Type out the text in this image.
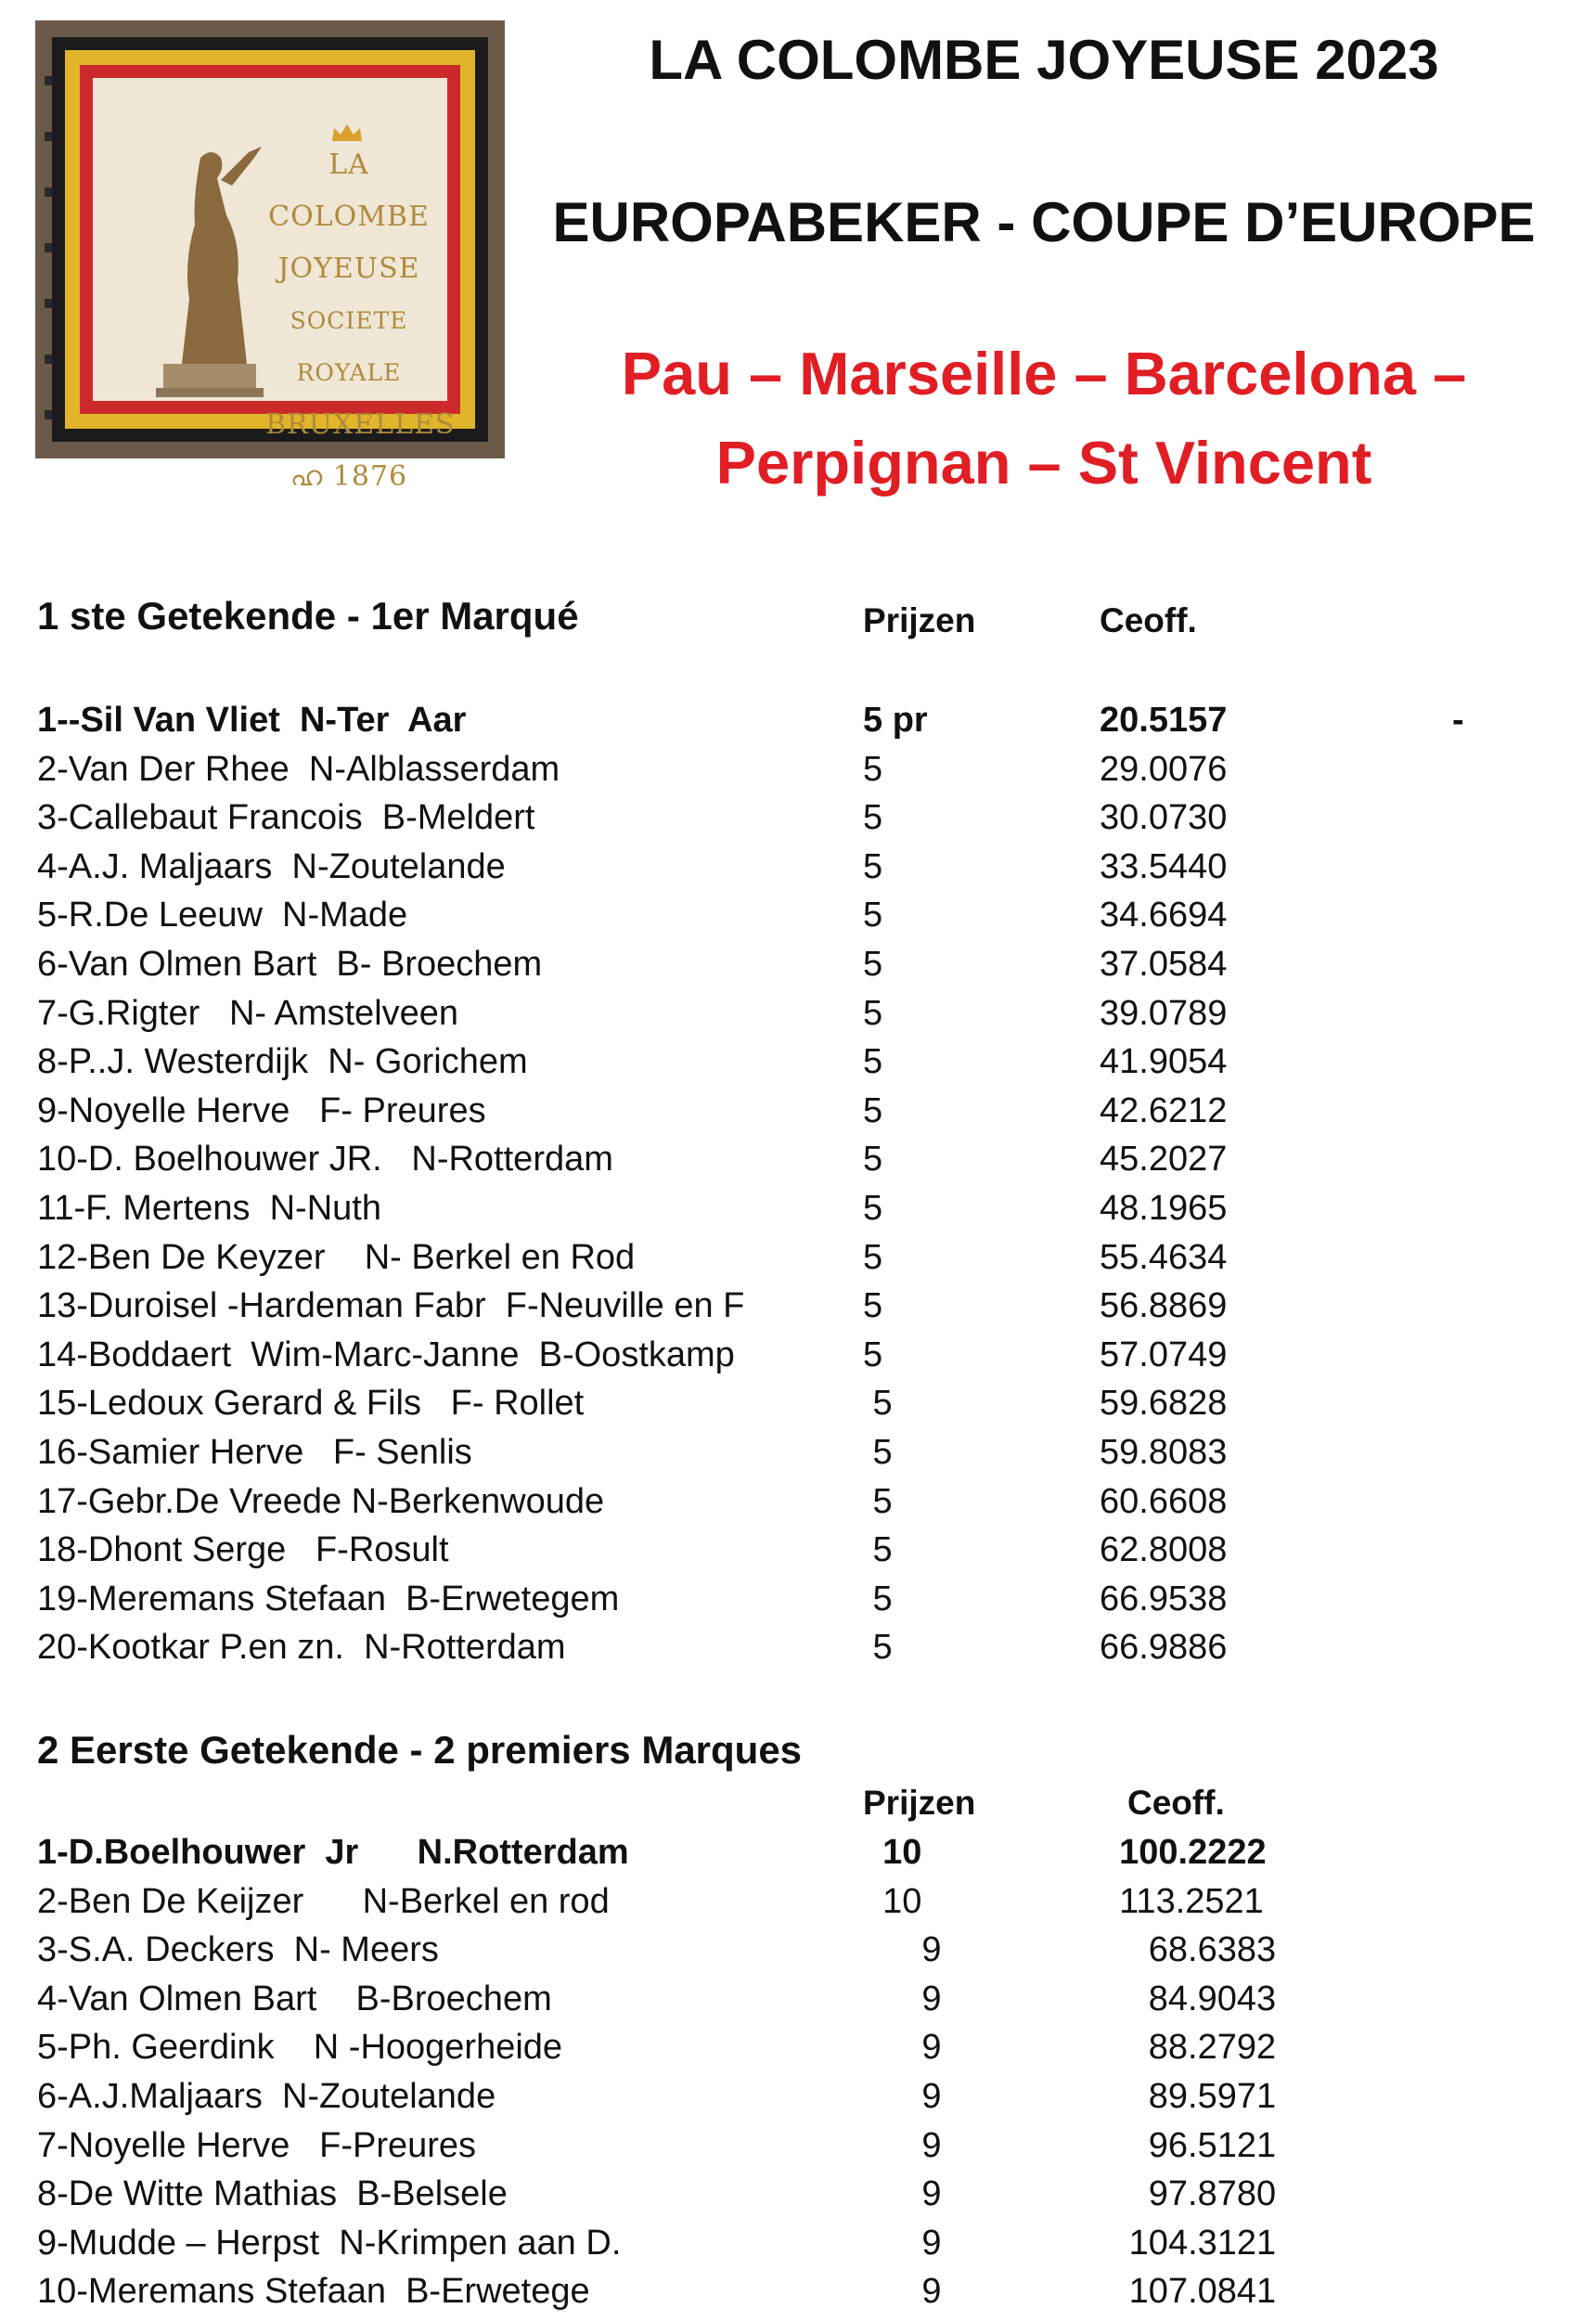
LA COLOMBE
JOYEUSE
SOCIETE ROYALE
BRUXELLES
ഹ 1876
LA COLOMBE JOYEUSE 2023
EUROPABEKER - COUPE D’EUROPE
Pau – Marseille – Barcelona –
Perpignan – St Vincent
1 ste Getekende - 1er Marqué	Prijzen	Ceoff.
1--Sil Van Vliet  N-Ter  Aar	5 pr	20.5157	-
2-Van Der Rhee  N-Alblasserdam	5	29.0076
3-Callebaut Francois  B-Meldert	5	30.0730
4-A.J. Maljaars  N-Zoutelande	5	33.5440
5-R.De Leeuw  N-Made	5	34.6694
6-Van Olmen Bart  B- Broechem	5	37.0584
7-G.Rigter   N- Amstelveen	5	39.0789
8-P..J. Westerdijk  N- Gorichem	5	41.9054
9-Noyelle Herve   F- Preures	5	42.6212
10-D. Boelhouwer JR.   N-Rotterdam	5	45.2027
11-F. Mertens  N-Nuth	5	48.1965
12-Ben De Keyzer    N- Berkel en Rod	5	55.4634
13-Duroisel -Hardeman Fabr  F-Neuville en F	5	56.8869
14-Boddaert  Wim-Marc-Janne  B-Oostkamp	5	57.0749
15-Ledoux Gerard & Fils   F- Rollet	5	59.6828
16-Samier Herve   F- Senlis	5	59.8083
17-Gebr.De Vreede N-Berkenwoude	5	60.6608
18-Dhont Serge   F-Rosult	5	62.8008
19-Meremans Stefaan  B-Erwetegem	5	66.9538
20-Kootkar P.en zn.  N-Rotterdam	5	66.9886
2 Eerste Getekende - 2 premiers Marques
Prijzen	Ceoff.
1-D.Boelhouwer  Jr      N.Rotterdam	10	100.2222
2-Ben De Keijzer      N-Berkel en rod	10	113.2521
3-S.A. Deckers  N- Meers	9	68.6383
4-Van Olmen Bart    B-Broechem	9	84.9043
5-Ph. Geerdink    N -Hoogerheide	9	88.2792
6-A.J.Maljaars  N-Zoutelande	9	89.5971
7-Noyelle Herve   F-Preures	9	96.5121
8-De Witte Mathias  B-Belsele	9	97.8780
9-Mudde – Herpst  N-Krimpen aan D.	9	104.3121
10-Meremans Stefaan  B-Erwetege	9	107.0841
